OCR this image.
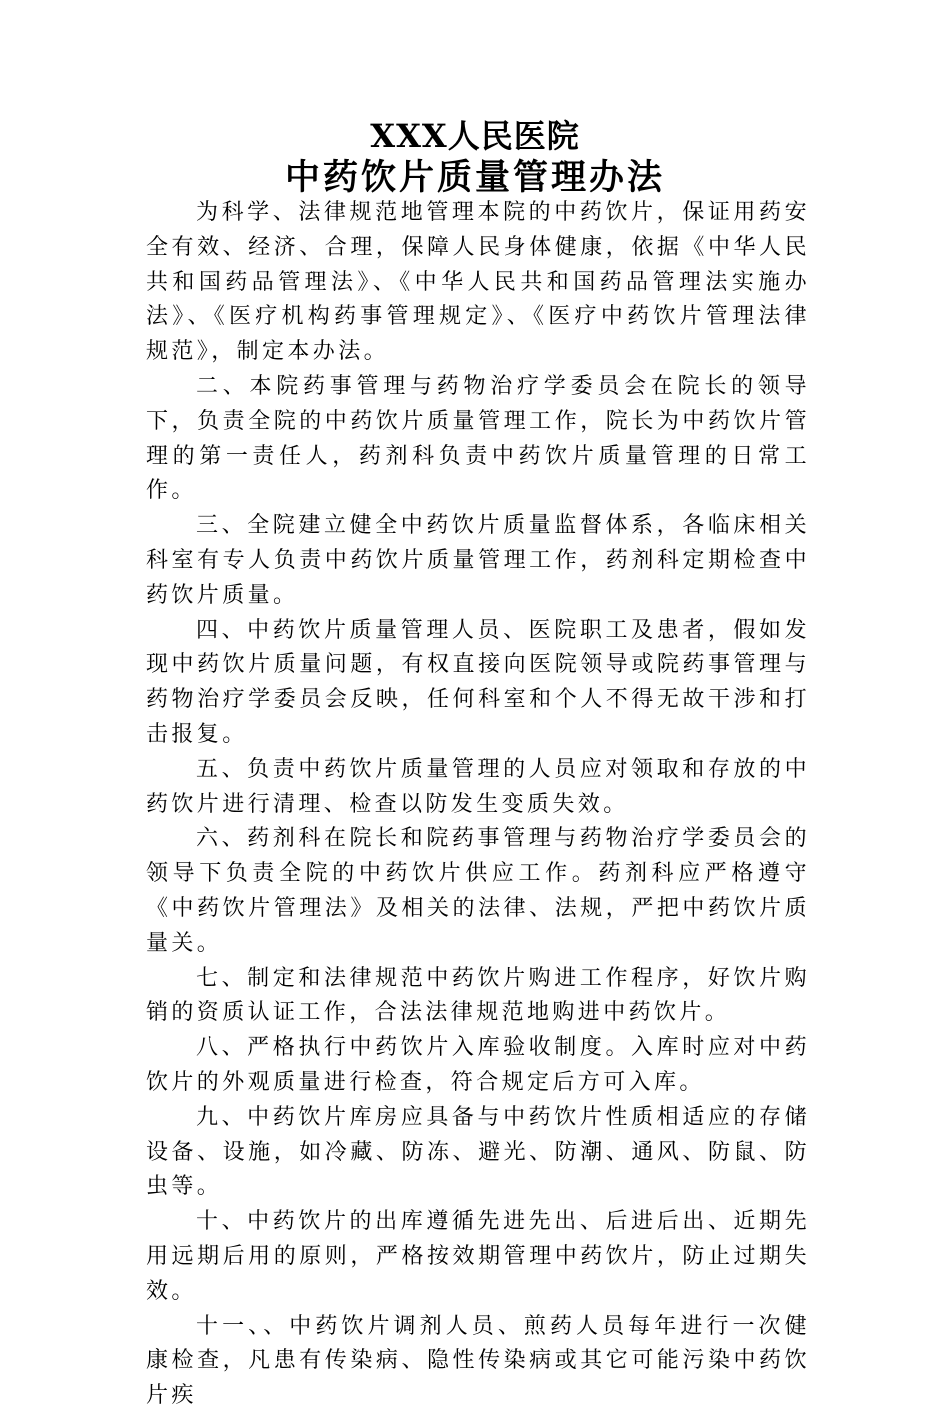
XXX人民医院
中药饮片质量管理办法

为科学、法律规范地管理本院的中药饮片，保证用药安全有效、经济、合理，保障人民身体健康，依据《中华人民共和国药品管理法》、《中华人民共和国药品管理法实施办法》、《医疗机构药事管理规定》、《医疗中药饮片管理法律规范》，制定本办法。

二、本院药事管理与药物治疗学委员会在院长的领导下，负责全院的中药饮片质量管理工作，院长为中药饮片管理的第一责任人，药剂科负责中药饮片质量管理的日常工作。

三、全院建立健全中药饮片质量监督体系，各临床相关科室有专人负责中药饮片质量管理工作，药剂科定期检查中药饮片质量。

四、中药饮片质量管理人员、医院职工及患者，假如发现中药饮片质量问题，有权直接向医院领导或院药事管理与药物治疗学委员会反映，任何科室和个人不得无故干涉和打击报复。

五、负责中药饮片质量管理的人员应对领取和存放的中药饮片进行清理、检查以防发生变质失效。

六、药剂科在院长和院药事管理与药物治疗学委员会的领导下负责全院的中药饮片供应工作。药剂科应严格遵守《中药饮片管理法》及相关的法律、法规，严把中药饮片质量关。

七、制定和法律规范中药饮片购进工作程序，好饮片购销的资质认证工作，合法法律规范地购进中药饮片。

八、严格执行中药饮片入库验收制度。入库时应对中药饮片的外观质量进行检查，符合规定后方可入库。

九、中药饮片库房应具备与中药饮片性质相适应的存储设备、设施，如冷藏、防冻、避光、防潮、通风、防鼠、防虫等。

十、中药饮片的出库遵循先进先出、后进后出、近期先用远期后用的原则，严格按效期管理中药饮片，防止过期失效。

十一、、中药饮片调剂人员、煎药人员每年进行一次健康检查，凡患有传染病、隐性传染病或其它可能污染中药饮片疾
